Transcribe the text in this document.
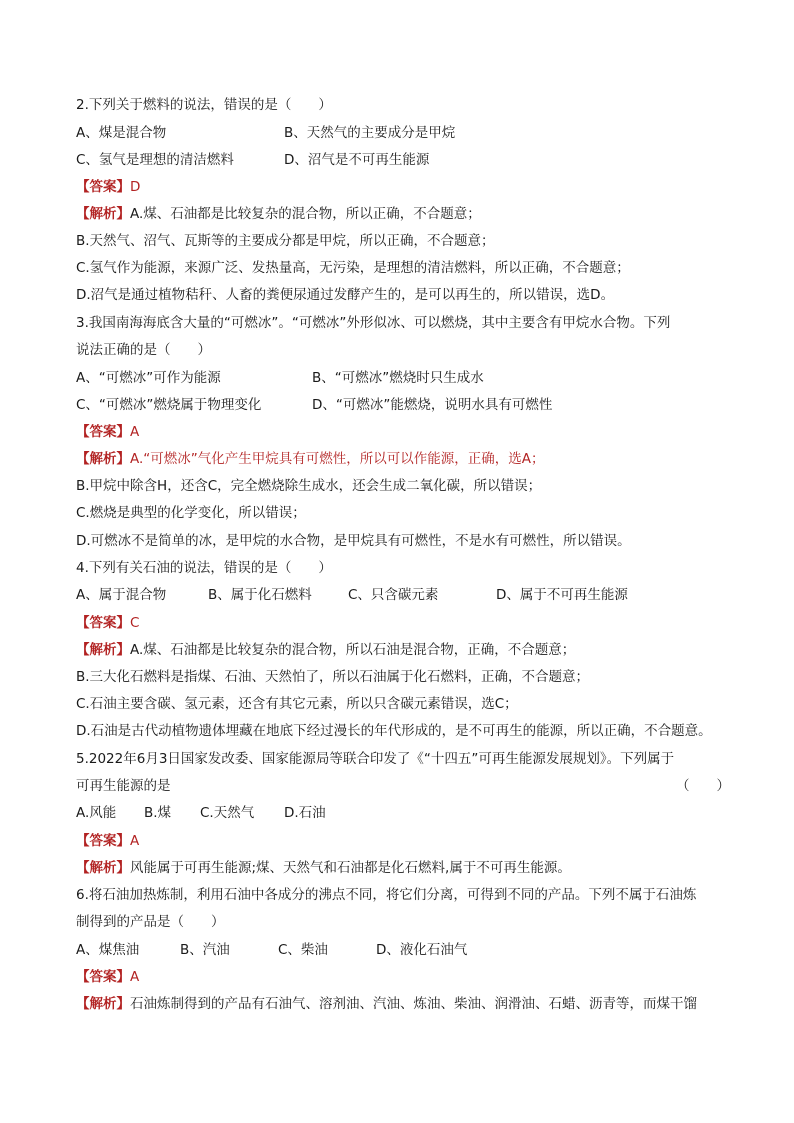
2.下列关于燃料的说法，错误的是（　　）
A、煤是混合物	B、天然气的主要成分是甲烷
C、氢气是理想的清洁燃料	D、沼气是不可再生能源
【答案】D
【解析】A.煤、石油都是比较复杂的混合物，所以正确，不合题意；
B.天然气、沼气、瓦斯等的主要成分都是甲烷，所以正确，不合题意；
C.氢气作为能源，来源广泛、发热量高，无污染，是理想的清洁燃料，所以正确，不合题意；
D.沼气是通过植物秸秆、人畜的粪便尿通过发酵产生的，是可以再生的，所以错误，选D。
3.我国南海海底含大量的“可燃冰”。“可燃冰”外形似冰、可以燃烧，其中主要含有甲烷水合物。下列
说法正确的是（　　）
A、“可燃冰”可作为能源	B、“可燃冰”燃烧时只生成水
C、“可燃冰”燃烧属于物理变化	D、“可燃冰”能燃烧，说明水具有可燃性
【答案】A
【解析】A.“可燃冰”气化产生甲烷具有可燃性，所以可以作能源，正确，选A；
B.甲烷中除含H，还含C，完全燃烧除生成水，还会生成二氧化碳，所以错误；
C.燃烧是典型的化学变化，所以错误；
D.可燃冰不是简单的冰，是甲烷的水合物，是甲烷具有可燃性，不是水有可燃性，所以错误。
4.下列有关石油的说法，错误的是（　　）
A、属于混合物	B、属于化石燃料	C、只含碳元素	D、属于不可再生能源
【答案】C
【解析】A.煤、石油都是比较复杂的混合物，所以石油是混合物，正确，不合题意；
B.三大化石燃料是指煤、石油、天然怕了，所以石油属于化石燃料，正确，不合题意；
C.石油主要含碳、氢元素，还含有其它元素，所以只含碳元素错误，选C；
D.石油是古代动植物遗体埋藏在地底下经过漫长的年代形成的，是不可再生的能源，所以正确，不合题意。
5.2022年6月3日国家发改委、国家能源局等联合印发了《“十四五”可再生能源发展规划》。下列属于
可再生能源的是	（　　）
A.风能 B.煤 C.天然气 D.石油
【答案】A
【解析】风能属于可再生能源;煤、天然气和石油都是化石燃料,属于不可再生能源。
6.将石油加热炼制，利用石油中各成分的沸点不同，将它们分离，可得到不同的产品。下列不属于石油炼
制得到的产品是（　　）
A、煤焦油	B、汽油	C、柴油	D、液化石油气
【答案】A
【解析】石油炼制得到的产品有石油气、溶剂油、汽油、炼油、柴油、润滑油、石蜡、沥青等，而煤干馏
